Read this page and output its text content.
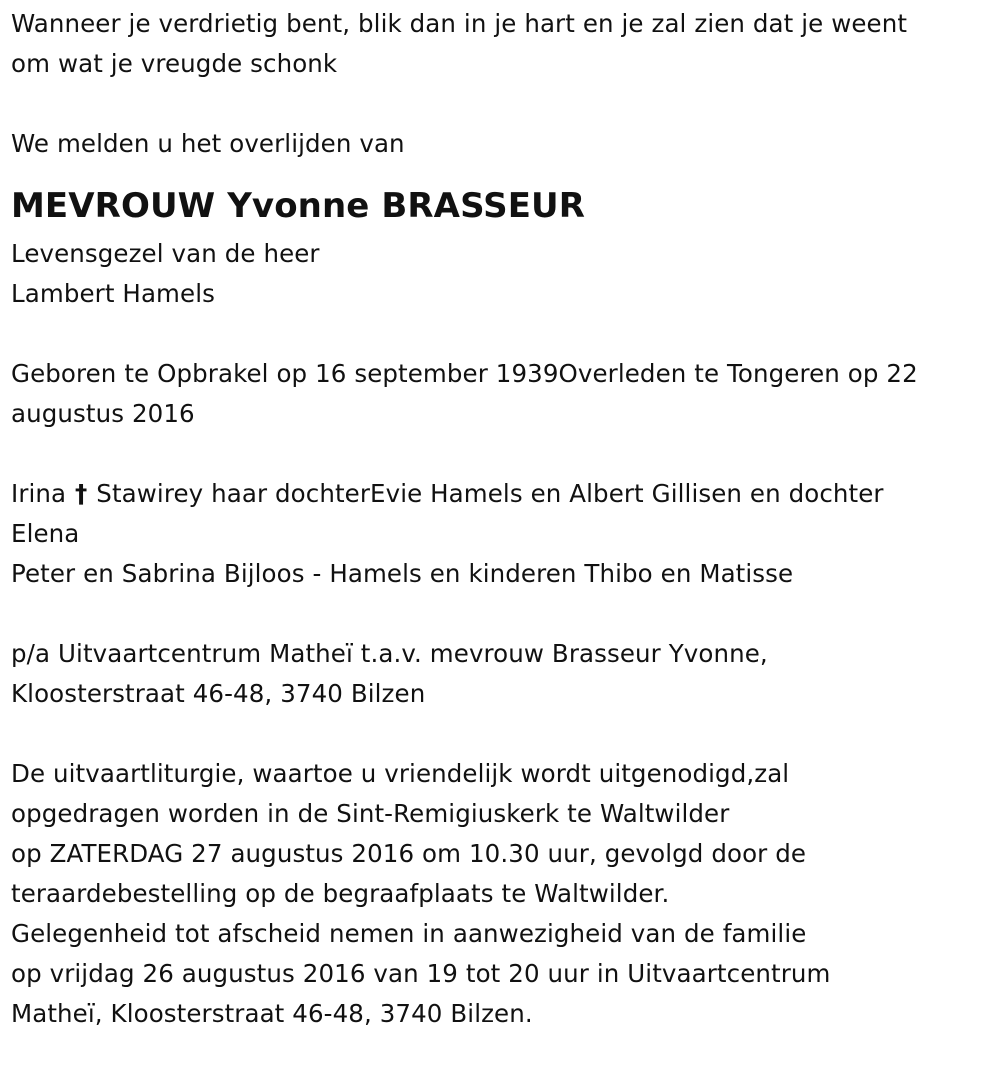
Wanneer je verdrietig bent, blik dan in je hart en je zal zien dat je weent
om wat je vreugde schonk
We melden u het overlijden van
MEVROUW Yvonne BRASSEUR
Levensgezel van de heer
Lambert Hamels
Geboren te Opbrakel op 16 september 1939Overleden te Tongeren op 22
augustus 2016
Irina † Stawirey haar dochterEvie Hamels en Albert Gillisen en dochter
Elena
Peter en Sabrina Bijloos - Hamels en kinderen Thibo en Matisse
p/a Uitvaartcentrum Matheï t.a.v. mevrouw Brasseur Yvonne,
Kloosterstraat 46-48, 3740 Bilzen
De uitvaartliturgie, waartoe u vriendelijk wordt uitgenodigd,zal
opgedragen worden in de Sint-Remigiuskerk te Waltwilder
op ZATERDAG 27 augustus 2016 om 10.30 uur, gevolgd door de
teraardebestelling op de begraafplaats te Waltwilder.
Gelegenheid tot afscheid nemen in aanwezigheid van de familie
op vrijdag 26 augustus 2016 van 19 tot 20 uur in Uitvaartcentrum
Matheï, Kloosterstraat 46-48, 3740 Bilzen.
